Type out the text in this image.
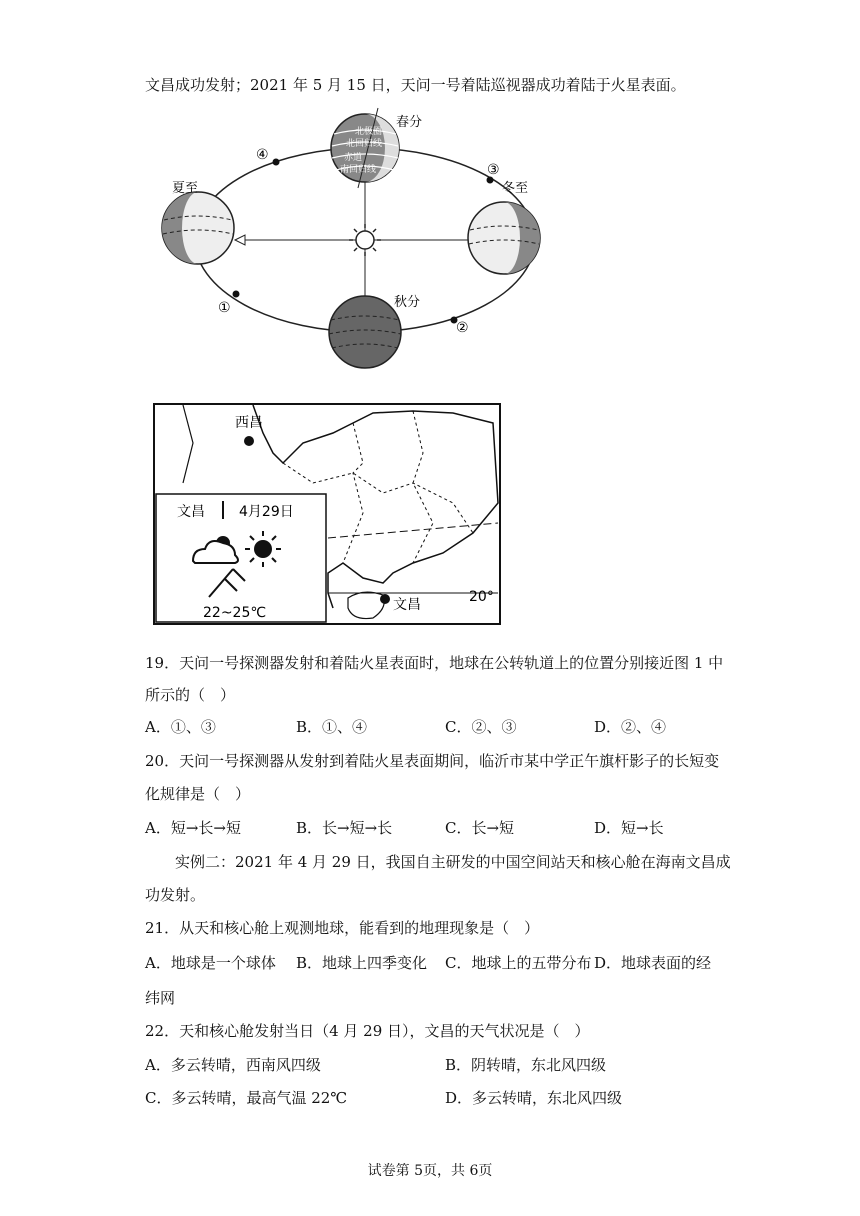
文昌成功发射；2021 年 5 月 15 日，天问一号着陆巡视器成功着陆于火星表面。
北极圈
北回归线
赤道
南回归线
春分
夏至	冬至
秋分
④
③
①
②
西昌
文昌	20°
文昌 4月29日
22~25℃
19．天问一号探测器发射和着陆火星表面时，地球在公转轨道上的位置分别接近图 1 中
所示的（　）
A．①、③	B．①、④	C．②、③	D．②、④
20．天问一号探测器从发射到着陆火星表面期间，临沂市某中学正午旗杆影子的长短变
化规律是（　）
A．短→长→短	B．长→短→长	C．长→短	D．短→长
实例二：2021 年 4 月 29 日，我国自主研发的中国空间站天和核心舱在海南文昌成
功发射。
21．从天和核心舱上观测地球，能看到的地理现象是（　）
A．地球是一个球体 B．地球上四季变化 C．地球上的五带分布 D．地球表面的经
纬网
22．天和核心舱发射当日（4 月 29 日），文昌的天气状况是（　）
A．多云转晴，西南风四级	B．阴转晴，东北风四级
C．多云转晴，最高气温 22℃	D．多云转晴，东北风四级
试卷第 5页，共 6页
